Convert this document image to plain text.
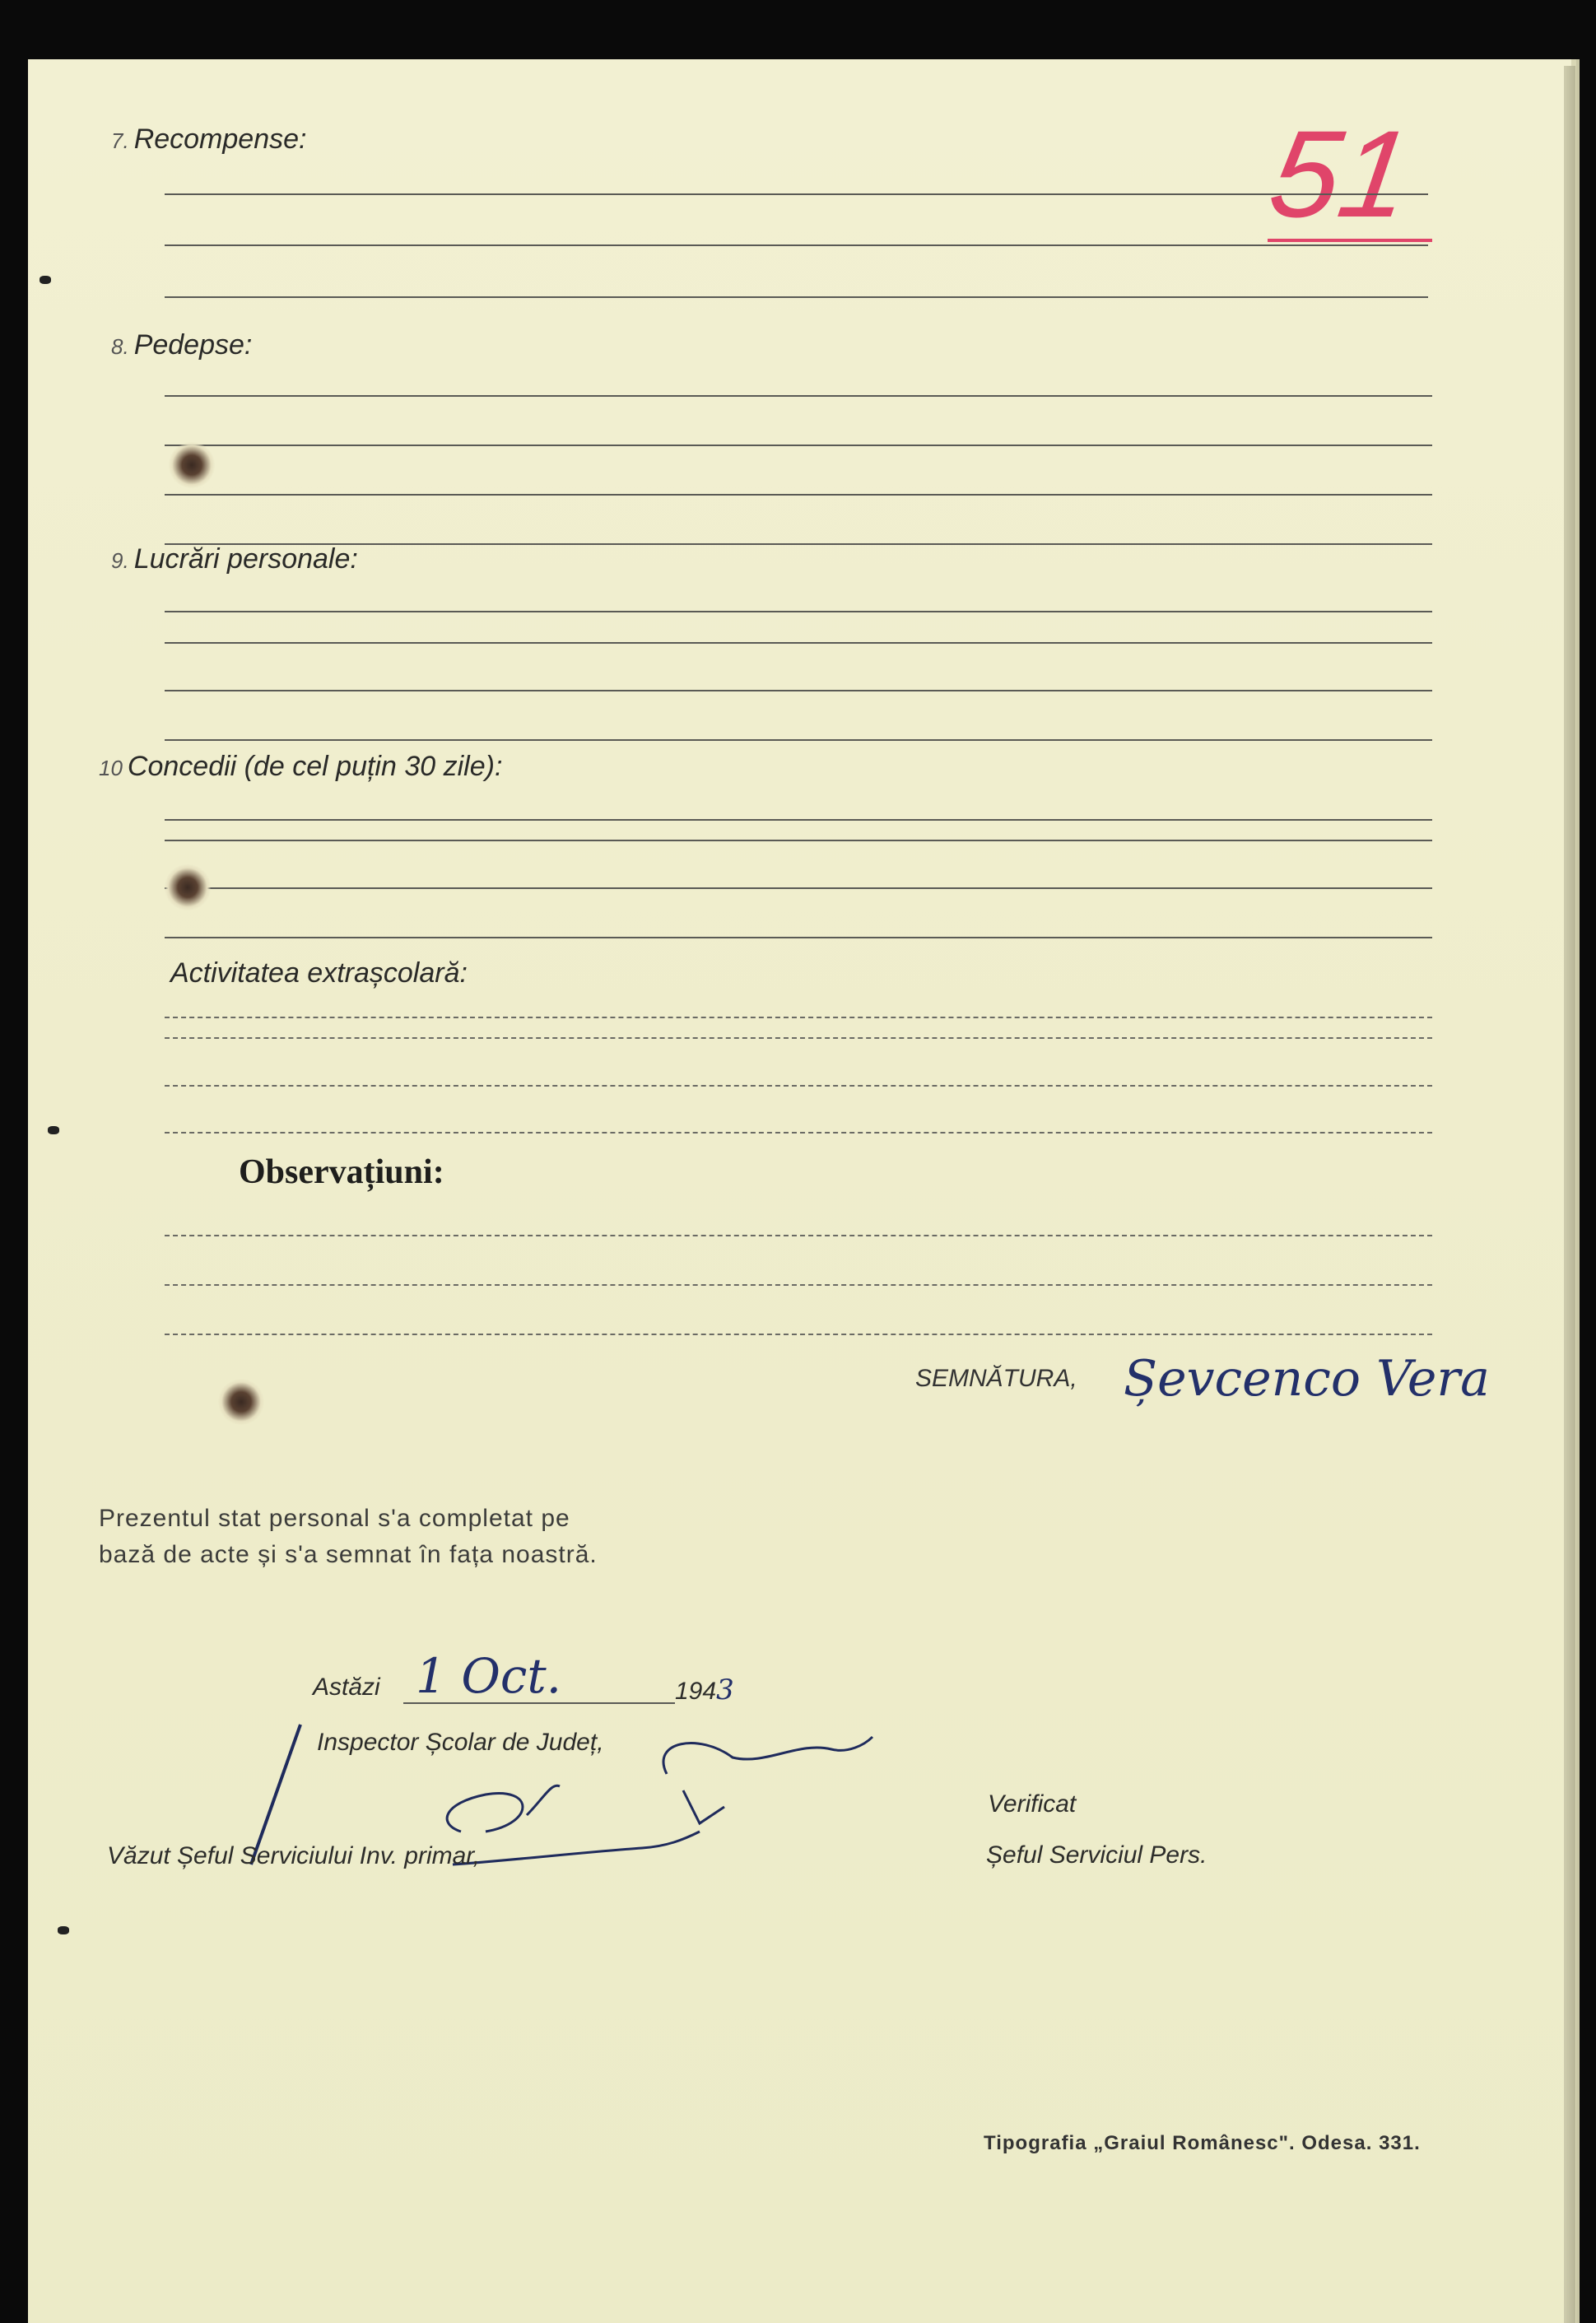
51
7. Recompense:
8. Pedepse:
9. Lucrări personale:
10 Concedii (de cel puțin 30 zile):
Activitatea extrașcolară:
Observațiuni:
SEMNĂTURA, Șevcenco Vera
Prezentul stat personal s'a completat pe
bază de acte și s'a semnat în fața noastră.
Astăzi 1 Oct.	1943
Inspector Școlar de Județ,
Văzut Șeful Serviciului Inv. primar,
Verificat
Șeful Serviciul Pers.
Tipografia „Graiul Românesc". Odesa. 331.
